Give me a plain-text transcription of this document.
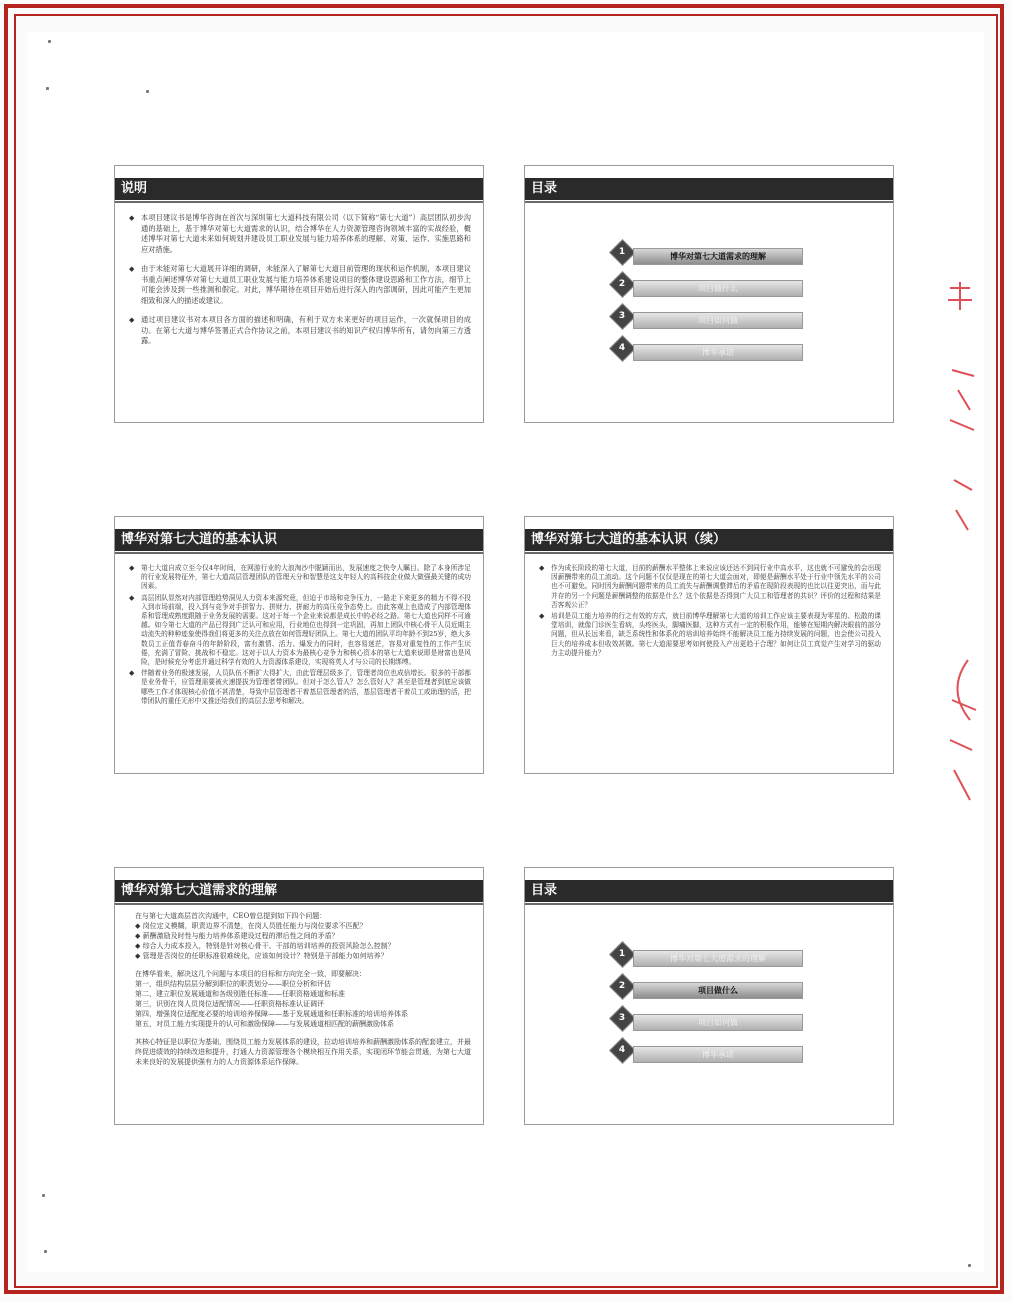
说明
◆ 本项目建议书是博华咨询在首次与深圳第七大道科技有限公司（以下简称“第七大道”）高层团队初步沟通的基础上，基于博华对第七大道需求的认识，结合博华在人力资源管理咨询领域丰富的实战经验，概述博华对第七大道未来如何规划并建设员工职业发展与能力培养体系的理解、对策、运作、实施思路和应对措施。
◆ 由于未能对第七大道展开详细的调研，未能深入了解第七大道目前管理的现状和运作机制，本项目建议书重点阐述博华对第七大道员工职业发展与能力培养体系建设项目的整体建设思路和工作方法，细节上可能会涉及到一些推测和假定。对此，博华期待在项目开始后进行深入的内部调研，因此可能产生更加细致和深入的描述或建议。
◆ 通过项目建议书对本项目各方面的描述和明确，有利于双方未来更好的项目运作，一次就保项目的成功。在第七大道与博华签署正式合作协议之前，本项目建议书的知识产权归博华所有，请勿向第三方透露。
目录
1	博华对第七大道需求的理解
2	项目做什么
3	项目如何做
4	博华承诺
博华对第七大道的基本认识
◆ 第七大道自成立至今仅4年时间，在网游行业的大浪淘沙中脱颖而出，发展速度之快令人瞩目。除了本身所涉足的行业发展特征外，第七大道高层管理团队的管理天分和智慧是这支年轻人的高科技企业做大做强最关键的成功因素。
◆ 高层团队显然对内部管理趋势洞见人力资本来源究竟，但迫于市场和竞争压力，一路走下来更多的精力不得不投入到市场前端，投入到与竞争对手拼智力、拼财力、拼耐力的高压竞争态势上。由此客观上也造成了内部管理体系和管理成熟度跟随于业务发展的需要。这对于每一个企业来说都是成长中的必经之路。第七大道也同样不可逾越。如今第七大道的产品已得到广泛认可和应用，行业地位也得到一定巩固，再加上团队中核心骨干人员近期主动流失的种种迹象使得我们将更多的关注点放在如何管理好团队上。第七大道的团队平均年龄不到25岁，绝大多数员工正值青春奋斗的年龄阶段，富有激情、活力、爆发力的同时，也容易迷茫，容易对重复性的工作产生厌倦，充满了冒险、挑战和不稳定。这对于以人力资本为最核心竞争力和核心资本的第七大道来说即是财富也是风险，是时候充分考虑并通过科学有效的人力资源体系建设，实现将英人才与公司的长期绑缚。
◆ 伴随着业务的极速发展，人员队伍不断扩大得扩大，由此管理层级多了，管理者岗位也成倍增长。很多的干部都是业务骨干，应管理需要被火速提拔为管理者带团队。但对于怎么管人？怎么管好人？甚至是管理者到底应该做哪些工作才体现核心价值不甚清楚，导致中层管理者干着基层管理者的活，基层管理者干着员工或助理的活，把带团队的重任无形中又推还给我们的高层去思考和解决。
博华对第七大道的基本认识（续）
◆ 作为成长阶段的第七大道，目前的薪酬水平整体上来说应该还达不到同行业中高水平，这也就不可避免的会出现因薪酬带来的员工流动。这个问题不仅仅是现在的第七大道会面对，即便是薪酬水平处于行业中领先水平的公司也不可避免。同时因为薪酬问题带来的员工流失与薪酬调整滞后的矛盾在现阶段表现的也比以往更突出，而与此并存的另一个问题是薪酬调整的依据是什么？这个依据是否得到广大员工和管理者的共识？评价的过程和结果是否客观公正？
◆ 培训是员工能力培养的行之有效的方式，就目前博华理解第七大道的培训工作应该主要表现为零星的、松散的课堂培训，就像门诊医生看病，头疼医头，脚痛医脚，这种方式有一定的积极作用，能够在短期内解决眼前的部分问题，但从长远来看，缺乏系统性和体系化的培训培养始终不能解决员工能力持续发展的问题，也会使公司投入巨大的培养成本但收效甚微。第七大道需要思考如何使投入产出更趋于合理？如何让员工真觉产生对学习的驱动力主动提升能力？
博华对第七大道需求的理解

在与第七大道高层首次沟通中，CEO曾总提到如下四个问题：

◆ 岗位定义模糊，职责边界不清楚，在岗人员胜任能力与岗位要求不匹配？

◆ 薪酬激励及时性与能力培养体系建设过程的滞后性之间的矛盾？

◆ 综合人力成本投入，特别是针对核心骨干、干部的培训培养的投资风险怎么控制？

◆ 管理是否岗位的任职标准很难统化，应该如何设计？特别是干部能力如何培养？

在博华看来，解决这几个问题与本项目的目标和方向完全一致，即要解决：

第一，组织结构层层分解到职位的职责划分——职位分析和评估

第二，建立职位发展通道和各级别胜任标准——任职资格通道和标准

第三，识别在岗人员岗位适配情况——任职资格标准认证调评

第四，增强岗位适配度必要的培训培养保障——基于发展通道和任职标准的培训培养体系

第五，对员工能力实现提升的认可和激励保障——与发展通道相匹配的薪酬激励体系

其核心特征是以职位为基础，围绕员工能力发展体系的建设，拉动培训培养和薪酬激励体系的配套建立，并最终促进绩效的持续改进和提升，打通人力资源管理各个模块相互作用关系，实现闭环节能会贯通，为第七大道未来良好的发展提供强有力的人力资源体系运作保障。

目录
1	博华对第七大道需求的理解
2	项目做什么
3	项目如何做
4	博华承诺
